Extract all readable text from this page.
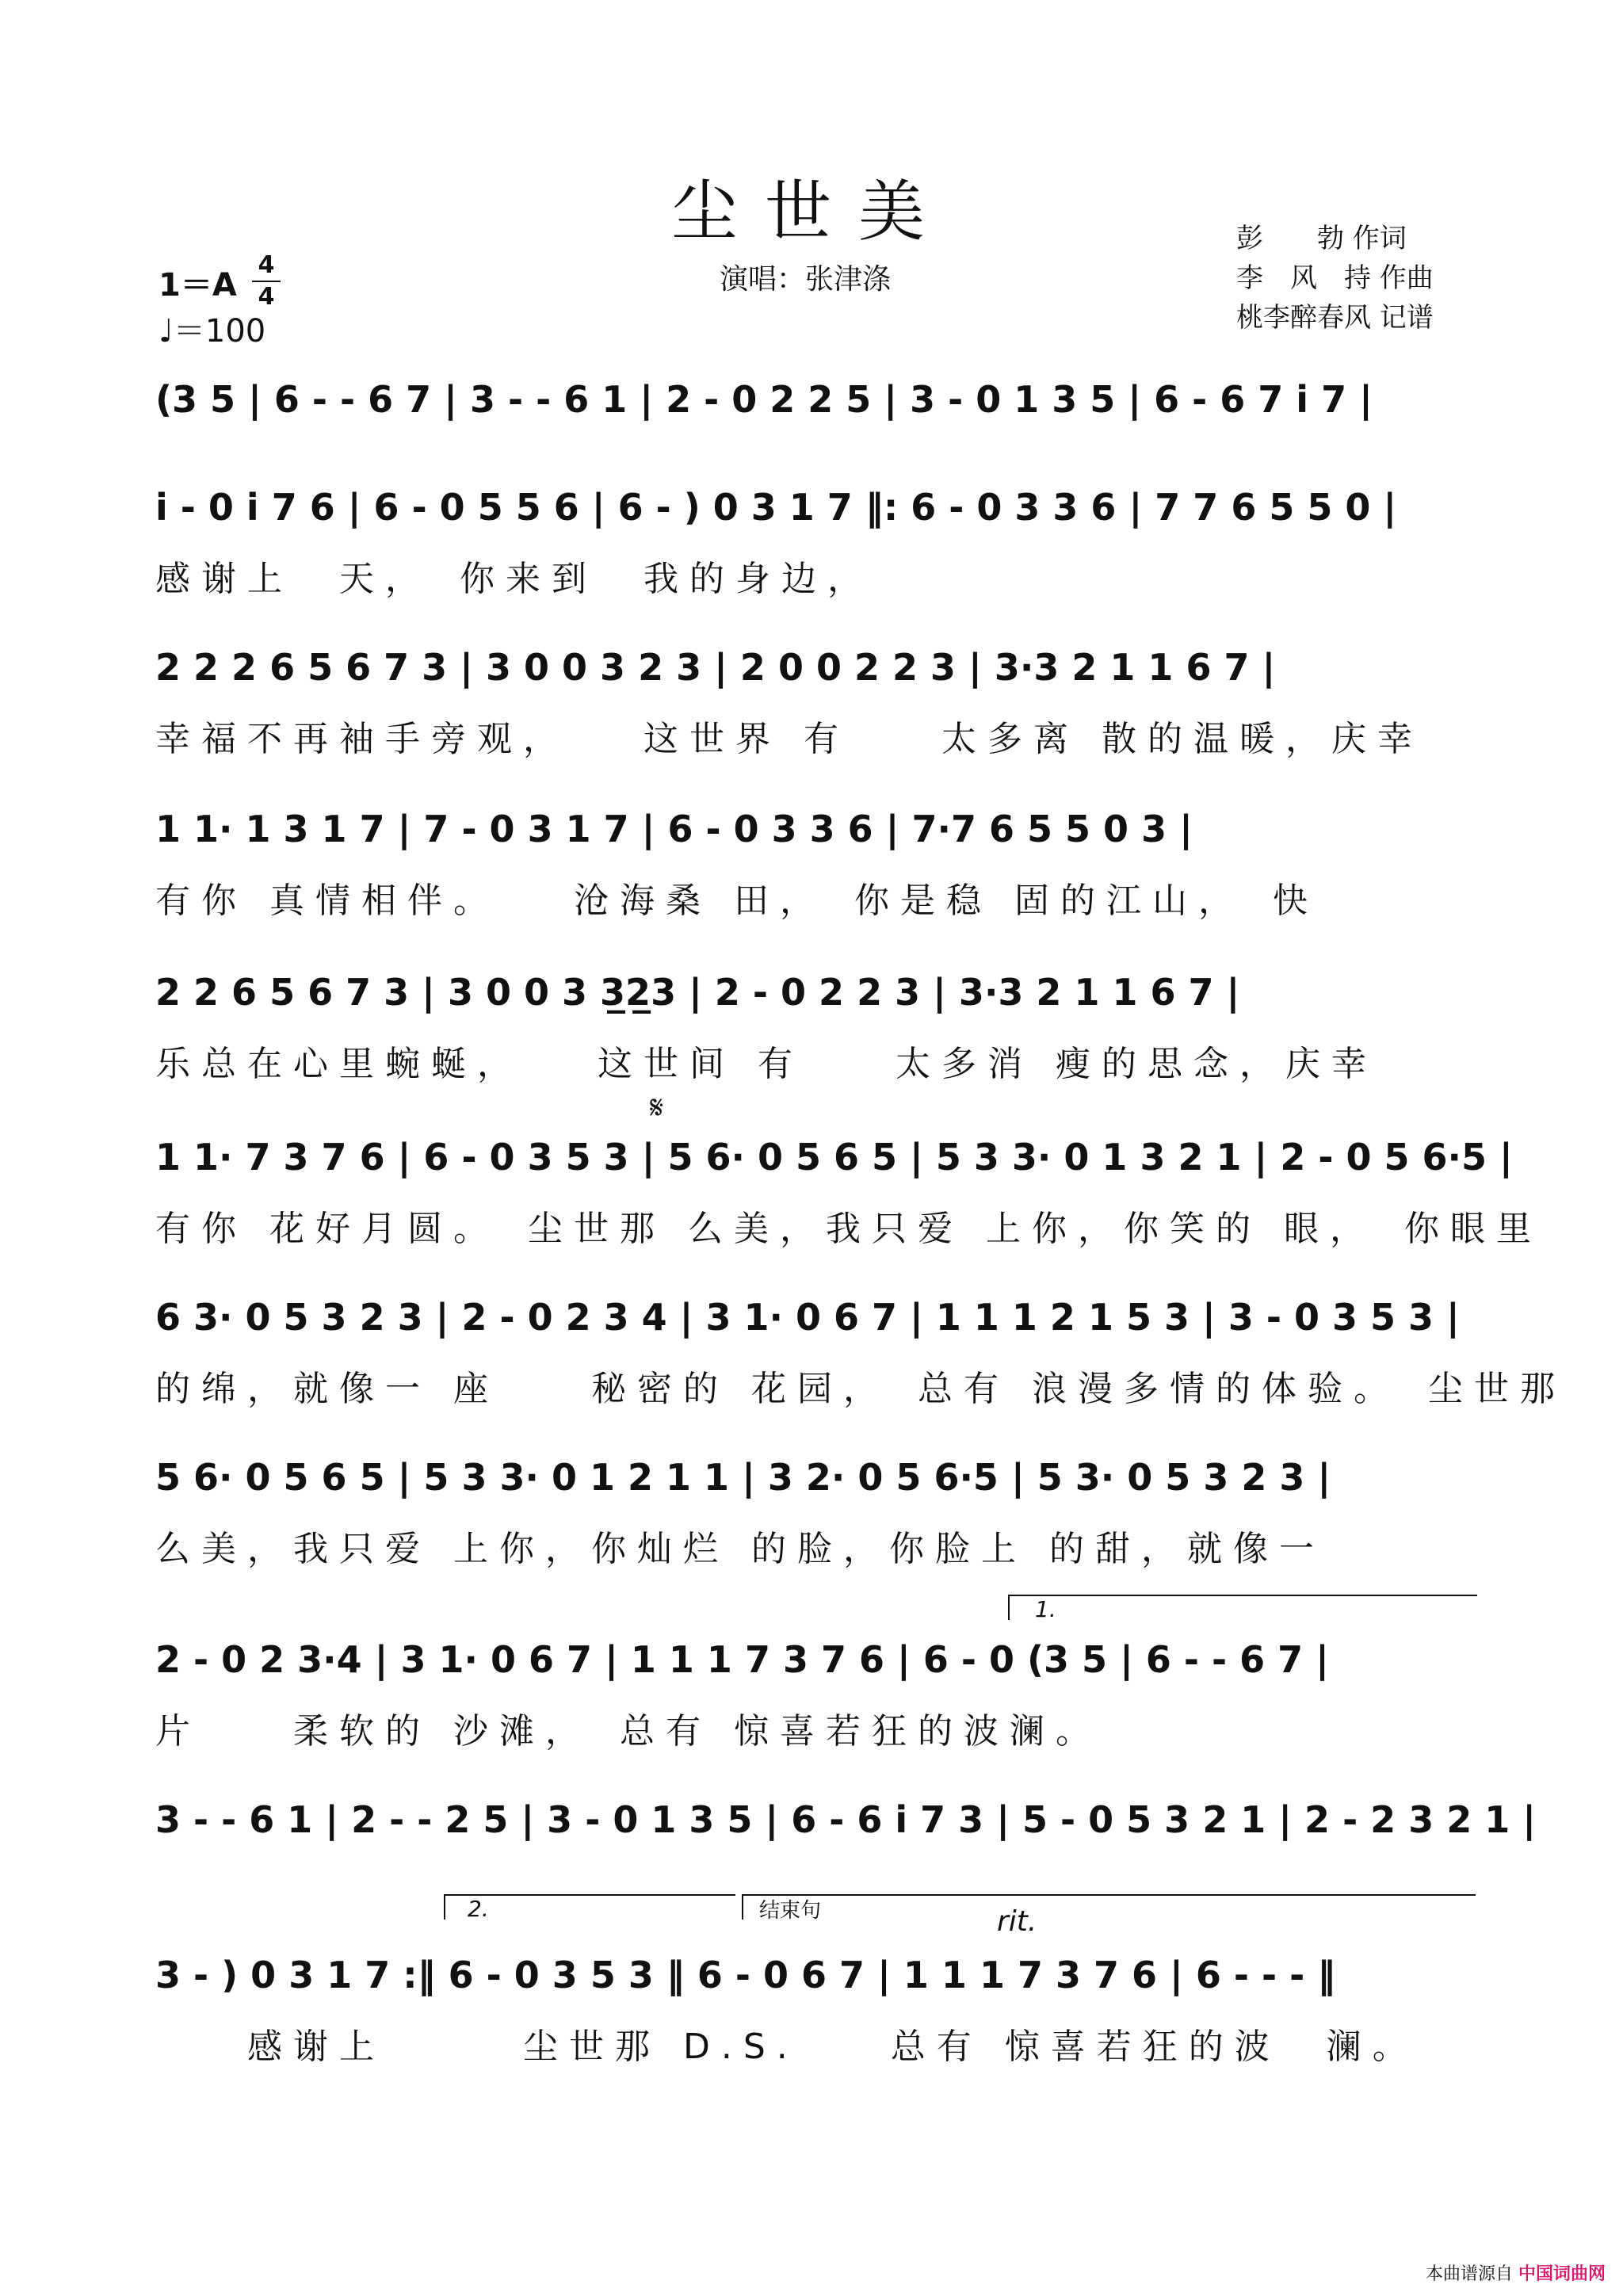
尘世美
1＝A
4
4
♩＝100
演唱：张津涤
彭　　勃 作词
李　风　持 作曲
桃李醉春风 记谱
𝄋
(3 5 | 6 - - 6 7 | 3 - - 6 1 | 2 - 0 2 2 5 | 3 - 0 1 3 5 | 6 - 6 7 i 7 |
i - 0 i 7 6 | 6 - 0 5 5 6 | 6 - ) 0 3 1 7 ‖: 6 - 0 3 3 6 | 7 7 6 5 5 0 |
感谢上　天，　你来到　我的身边，
2 2 2 6 5 6 7 3 | 3 0 0 3 2 3 | 2 0 0 2 2 3 | 3·3 2 1 1 6 7 |
幸福不再袖手旁观，　　这世界 有　　太多离 散的温暖，庆幸
1 1· 1 3 1 7 | 7 - 0 3 1 7 | 6 - 0 3 3 6 | 7·7 6 5 5 0 3 |
有你 真情相伴。　　沧海桑 田，　你是稳 固的江山，　快
2 2 6 5 6 7 3 | 3 0 0 3 3̲2̲3 | 2 - 0 2 2 3 | 3·3 2 1 1 6 7 |
乐总在心里蜿蜒，　　这世间 有　　太多消 瘦的思念，庆幸
1 1· 7 3 7 6 | 6 - 0 3 5 3 | 5 6· 0 5 6 5 | 5 3 3· 0 1 3 2 1 | 2 - 0 5 6·5 |
有你 花好月圆。　尘世那 么美，我只爱 上你，你笑的 眼，　你眼里
6 3· 0 5 3 2 3 | 2 - 0 2 3 4 | 3 1· 0 6 7 | 1 1 1 2 1 5 3 | 3 - 0 3 5 3 |
的绵，就像一 座　　秘密的 花园，　总有 浪漫多情的体验。　尘世那
5 6· 0 5 6 5 | 5 3 3· 0 1 2 1 1 | 3 2· 0 5 6·5 | 5 3· 0 5 3 2 3 |
么美，我只爱 上你，你灿烂 的脸，你脸上 的甜，就像一
2 - 0 2 3·4 | 3 1· 0 6 7 | 1 1 1 7 3 7 6 | 6 - 0 (3 5 | 6 - - 6 7 |
片　　柔软的 沙滩，　总有 惊喜若狂的波澜。
3 - - 6 1 | 2 - - 2 5 | 3 - 0 1 3 5 | 6 - 6 i 7 3 | 5 - 0 5 3 2 1 | 2 - 2 3 2 1 |
3 - ) 0 3 1 7 :‖ 6 - 0 3 5 3 ‖ 6 - 0 6 7 | 1 1 1 7 3 7 6 | 6 - - - ‖
　　感谢上　　　尘世那 D.S.　　总有 惊喜若狂的波　澜。
1.
2.	结束句	rit.
本曲谱源自 中国词曲网
